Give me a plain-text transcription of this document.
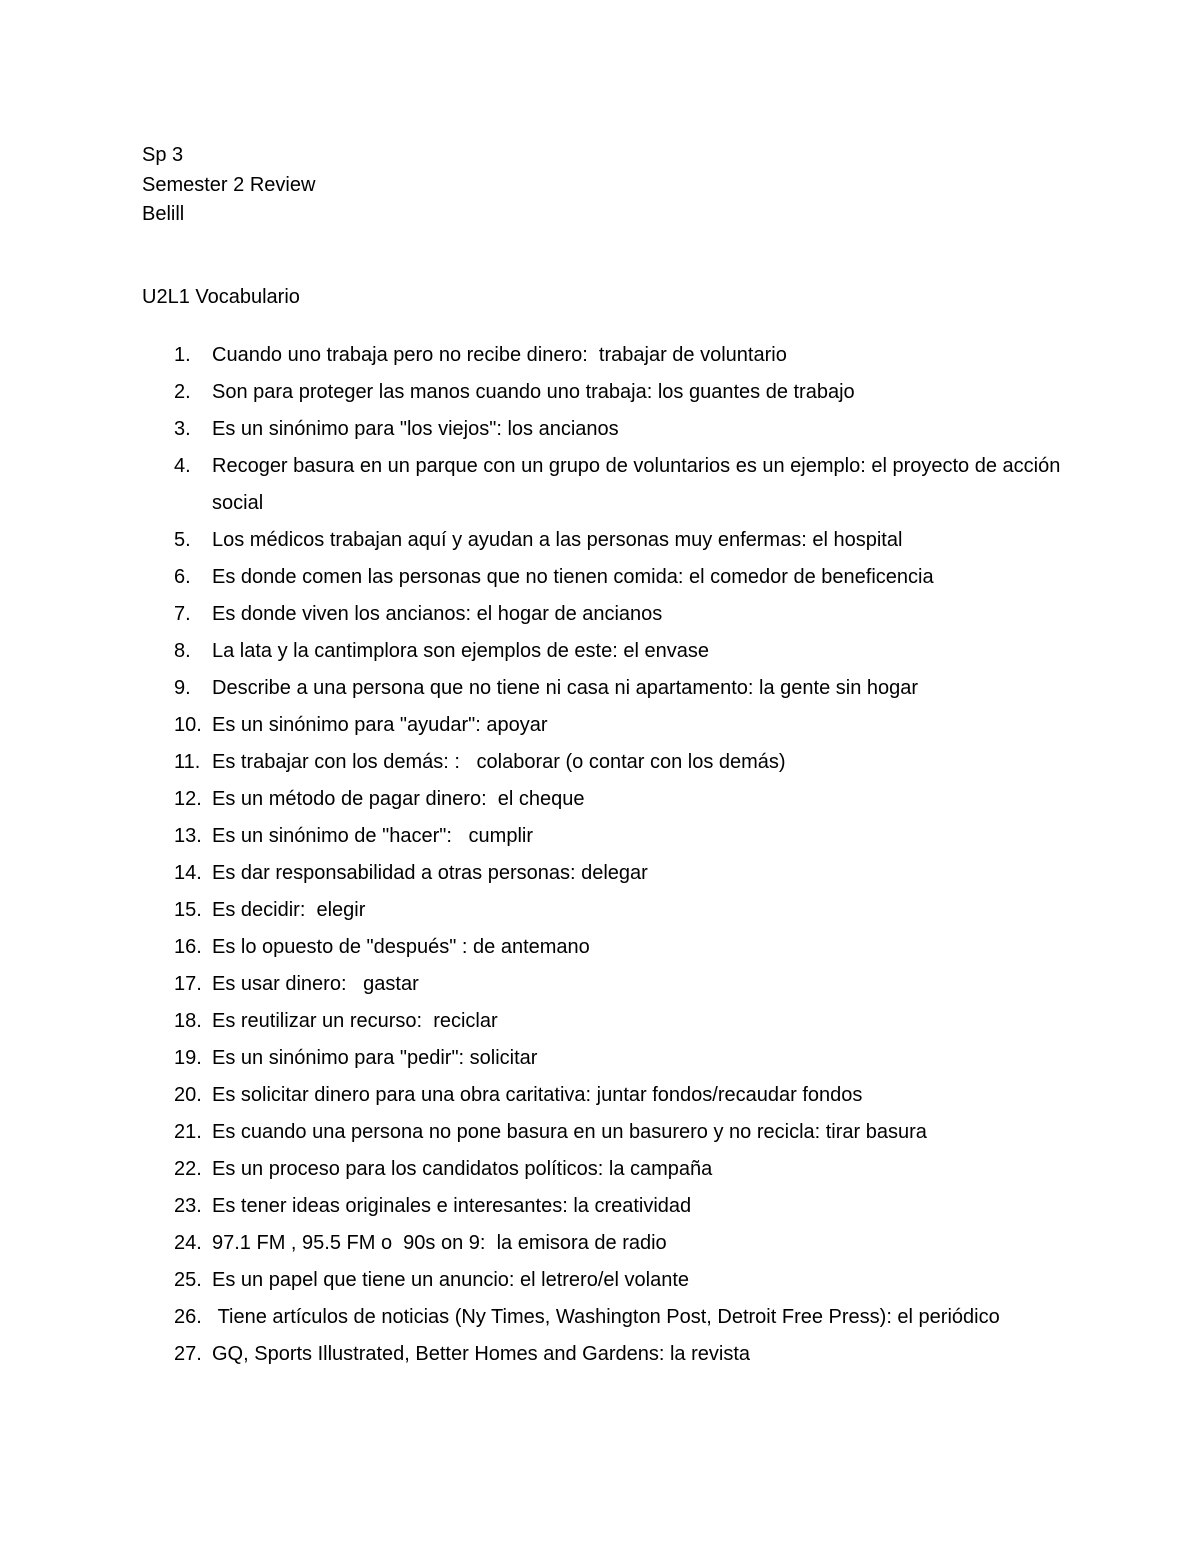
Sp 3
Semester 2 Review
Belill
U2L1 Vocabulario
1. Cuando uno trabaja pero no recibe dinero:  trabajar de voluntario
2. Son para proteger las manos cuando uno trabaja: los guantes de trabajo
3. Es un sinónimo para "los viejos": los ancianos
4. Recoger basura en un parque con un grupo de voluntarios es un ejemplo: el proyecto de acción social
5. Los médicos trabajan aquí y ayudan a las personas muy enfermas: el hospital
6. Es donde comen las personas que no tienen comida: el comedor de beneficencia
7. Es donde viven los ancianos: el hogar de ancianos
8. La lata y la cantimplora son ejemplos de este: el envase
9. Describe a una persona que no tiene ni casa ni apartamento: la gente sin hogar
10. Es un sinónimo para "ayudar": apoyar
11. Es trabajar con los demás: :   colaborar (o contar con los demás)
12. Es un método de pagar dinero:  el cheque
13. Es un sinónimo de "hacer":   cumplir
14. Es dar responsabilidad a otras personas: delegar
15. Es decidir:  elegir
16. Es lo opuesto de "después" : de antemano
17. Es usar dinero:   gastar
18. Es reutilizar un recurso:  reciclar
19. Es un sinónimo para "pedir": solicitar
20. Es solicitar dinero para una obra caritativa: juntar fondos/recaudar fondos
21. Es cuando una persona no pone basura en un basurero y no recicla: tirar basura
22. Es un proceso para los candidatos políticos: la campaña
23. Es tener ideas originales e interesantes: la creatividad
24. 97.1 FM , 95.5 FM o  90s on 9:  la emisora de radio
25. Es un papel que tiene un anuncio: el letrero/el volante
26. Tiene artículos de noticias (Ny Times, Washington Post, Detroit Free Press): el periódico
27. GQ, Sports Illustrated, Better Homes and Gardens: la revista
